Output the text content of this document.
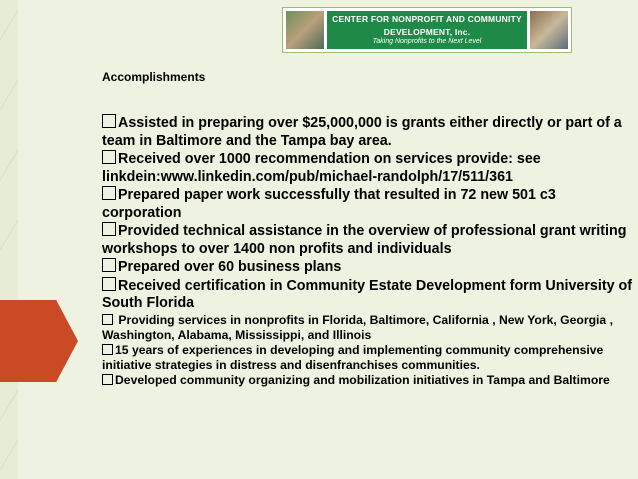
CENTER FOR NONPROFIT AND COMMUNITY
DEVELOPMENT, Inc.
Taking Nonprofits to the Next Level
Accomplishments
Assisted in preparing over $25,000,000 is grants either directly or part of a team in Baltimore and the Tampa bay area.
Received over 1000 recommendation on services provide: see linkdein:www.linkedin.com/pub/michael-randolph/17/511/361
Prepared paper work successfully that resulted in 72 new 501 c3 corporation
Provided technical assistance in the overview of professional grant writing workshops to over 1400 non profits and individuals
Prepared over 60 business plans
Received certification in Community Estate Development form University of South Florida
Providing services in nonprofits in Florida, Baltimore, California , New York, Georgia , Washington, Alabama, Mississippi, and Illinois
15 years of experiences in developing and implementing community comprehensive initiative strategies in distress and disenfranchises communities.
Developed community organizing and mobilization initiatives in Tampa and Baltimore
